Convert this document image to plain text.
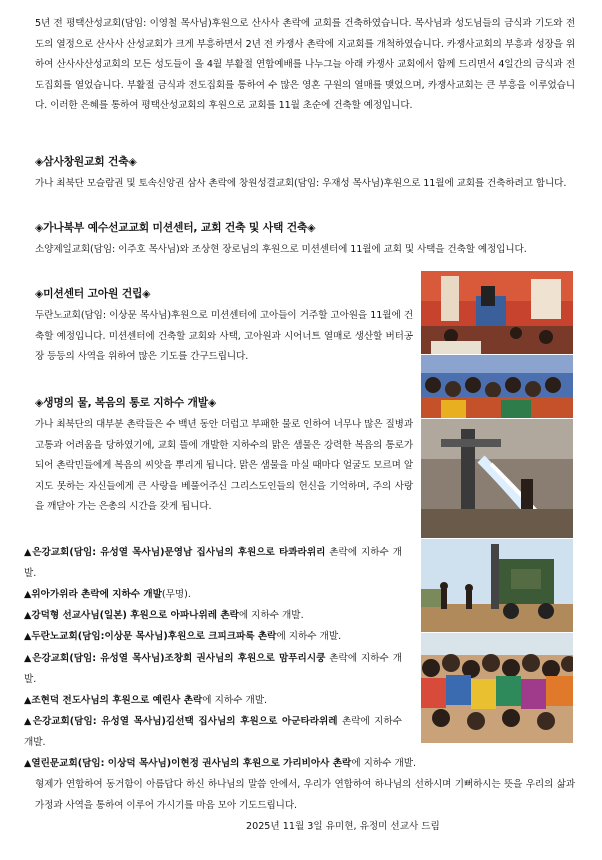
5년 전 평택산성교회(담임: 이영철 목사님)후원으로 산사사 촌락에 교회를 건축하였습니다. 목사님과 성도님들의 금식과 기도와 전도의 열정으로 산사사 산성교회가 크게 부흥하면서 2년 전 카쟁사 촌락에 지교회를 개척하였습니다. 카쟁사교회의 부흥과 성장을 위하여 산사사산성교회의 모든 성도들이 올 4월 부활절 연합예배를 나누그늘 아래 카쟁사 교회에서 함께 드리면서 4일간의 금식과 전도집회를 열었습니다. 부활절 금식과 전도집회를 통하여 수 많은 영혼 구원의 열매를 맺었으며, 카쟁사교회는 큰 부흥을 이루었습니다. 이러한 은혜를 통하여 평택산성교회의 후원으로 교회를 11월 초순에 건축할 예정입니다.
◈삼사창원교회 건축◈
가나 최북단 모슬람권 및 토속신앙권 삼사 촌락에 창원성결교회(담임: 우재성 목사님)후원으로 11월에 교회를 건축하려고 합니다.
◈가나북부 예수선교교회 미션센터, 교회 건축 및 사택 건축◈
소양제일교회(담임: 이주호 목사님)와 조상현 장로님의 후원으로 미션센터에 11월에 교회 및 사택을 건축할 예정입니다.
◈미션센터 고아원 건립◈
두란노교회(담임: 이상문 목사님)후원으로 미션센터에 고아들이 거주할 고아원을 11월에 건축할 예정입니다. 미션센터에 건축할 교회와 사택, 고아원과 시어너트 열매로 생산할 버터공장 등등의 사역을 위하여 많은 기도를 간구드립니다.
◈생명의 물, 복음의 통로 지하수 개발◈
가나 최북단의 대부분 촌락들은 수 백년 동안 더럽고 부패한 물로 인하여 너무나 많은 질병과 고통과 어려움을 당하였기에, 교회 뜰에 개발한 지하수의 맑은 샘물은 강력한 복음의 통로가 되어 촌락민들에게 복음의 씨앗을 뿌리게 됩니다. 맑은 샘물을 마실 때마다 얼굴도 모르며 알지도 못하는 자신들에게 큰 사랑을 베풀어주신 그리스도인들의 헌신을 기억하며, 주의 사랑을 깨닫아 가는 은총의 시간을 갖게 됩니다.
▲은강교회(담임: 유성열 목사님)문영남 집사님의 후원으로 타콰라위리 촌락에 지하수 개발.
▲위아가위라 촌락에 지하수 개발(무명).
▲강덕형 선교사님(일본) 후원으로 아파나위레 촌락에 지하수 개발.
▲두란노교회(담임:이상문 목사님)후원으로 크피크파룩 촌락에 지하수 개발.
▲은강교회(담임: 유성열 목사님)조창희 권사님의 후원으로 맘푸리시쿵 촌락에 지하수 개발.
▲조현덕 전도사님의 후원으로 예린사 촌락에 지하수 개발.
▲은강교회(담임: 유성열 목사님)김선택 집사님의 후원으로 아군타라위레 촌락에 지하수 개발.
▲열린문교회(담임: 이상덕 목사님)이현정 권사님의 후원으로 가리비아사 촌락에 지하수 개발.
형제가 연합하여 동거함이 아름답다 하신 하나님의 말씀 안에서, 우리가 연합하여 하나님의 선하시며 기뻐하시는 뜻을 우리의 삶과 가정과 사역을 통하여 이루어 가시기를 마음 모아 기도드립니다.
2025년 11월 3일 유미현, 유정미 선교사 드림
